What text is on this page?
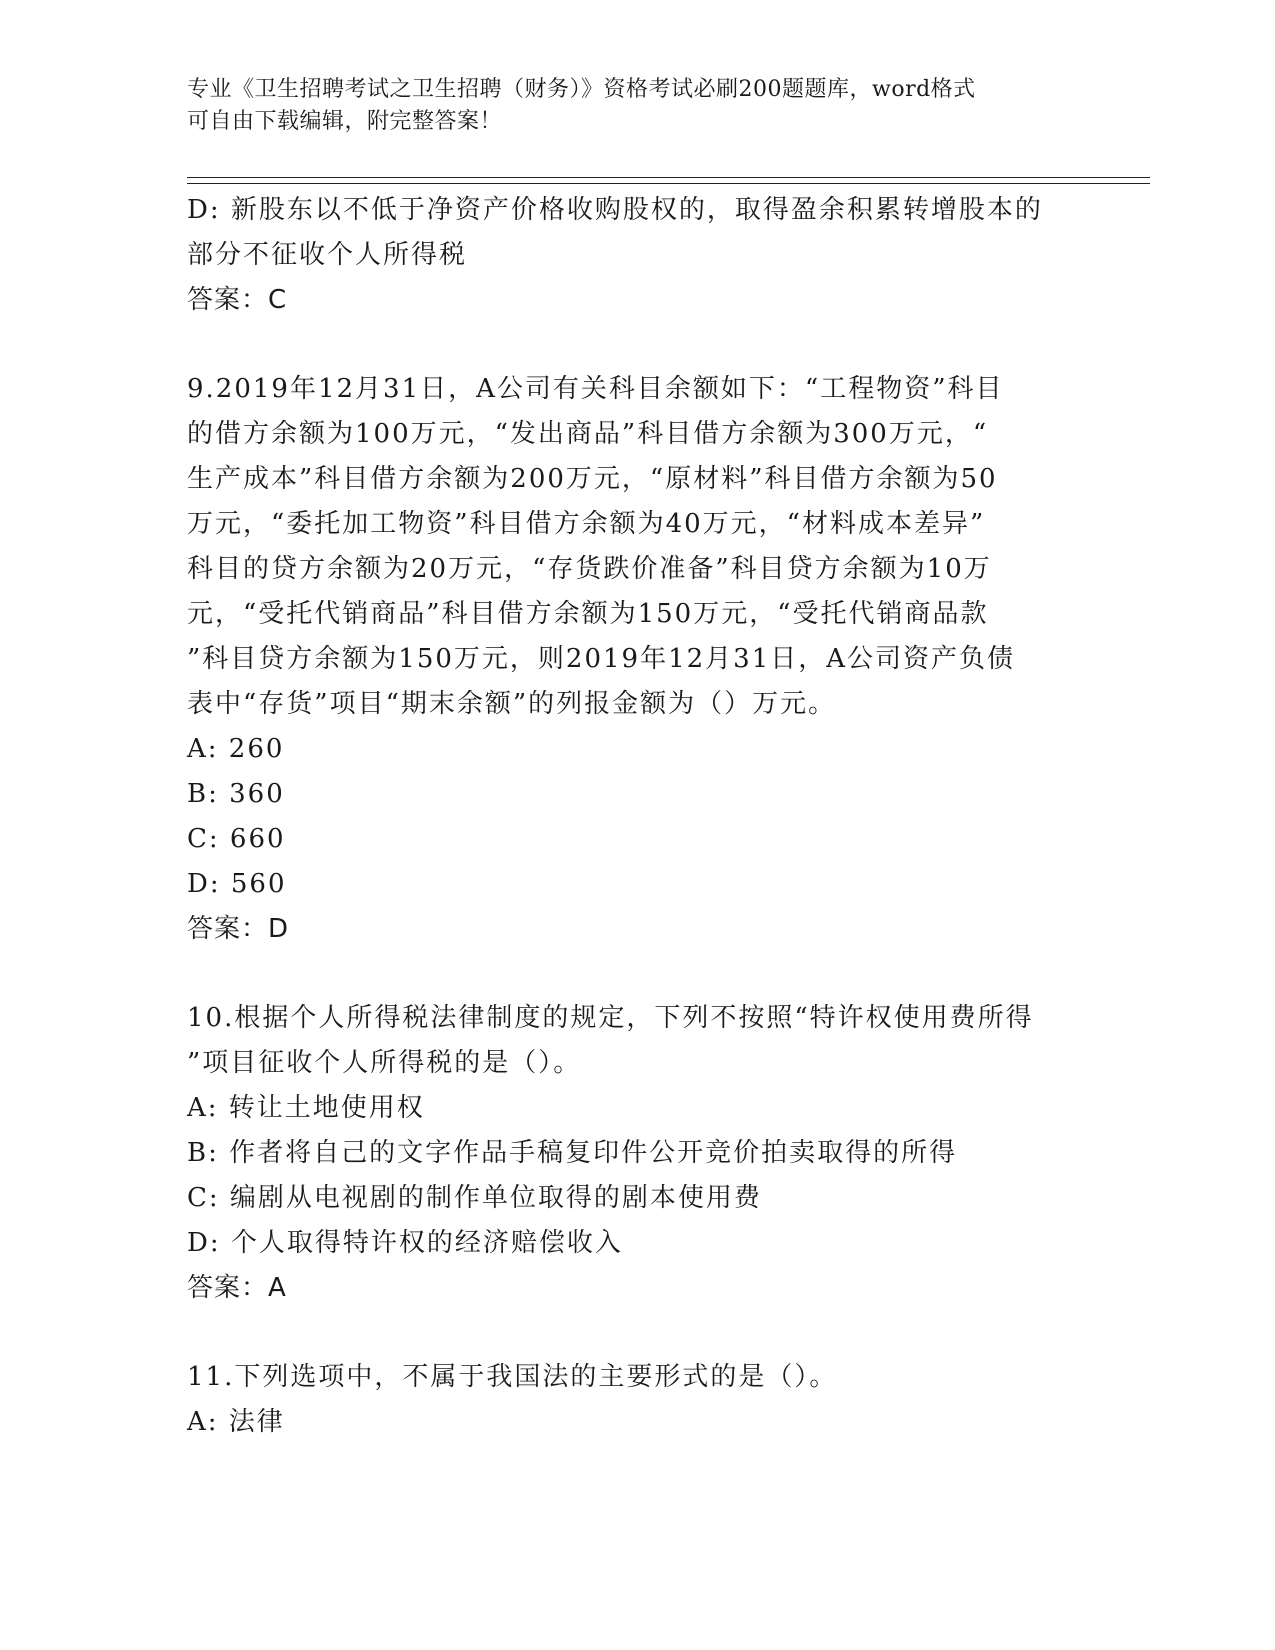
专业《卫生招聘考试之卫生招聘（财务）》资格考试必刷200题题库，word格式
可自由下载编辑，附完整答案！
D: 新股东以不低于净资产价格收购股权的，取得盈余积累转增股本的
部分不征收个人所得税
答案：C
9.2019年12月31日，A公司有关科目余额如下：“工程物资”科目
的借方余额为100万元，“发出商品”科目借方余额为300万元，“
生产成本”科目借方余额为200万元，“原材料”科目借方余额为50
万元，“委托加工物资”科目借方余额为40万元，“材料成本差异”
科目的贷方余额为20万元，“存货跌价准备”科目贷方余额为10万
元，“受托代销商品”科目借方余额为150万元，“受托代销商品款
”科目贷方余额为150万元，则2019年12月31日，A公司资产负债
表中“存货”项目“期末余额”的列报金额为（）万元。
A: 260
B: 360
C: 660
D: 560
答案：D
10.根据个人所得税法律制度的规定，下列不按照“特许权使用费所得
”项目征收个人所得税的是（）。
A: 转让土地使用权
B: 作者将自己的文字作品手稿复印件公开竞价拍卖取得的所得
C: 编剧从电视剧的制作单位取得的剧本使用费
D: 个人取得特许权的经济赔偿收入
答案：A
11.下列选项中，不属于我国法的主要形式的是（）。
A: 法律
